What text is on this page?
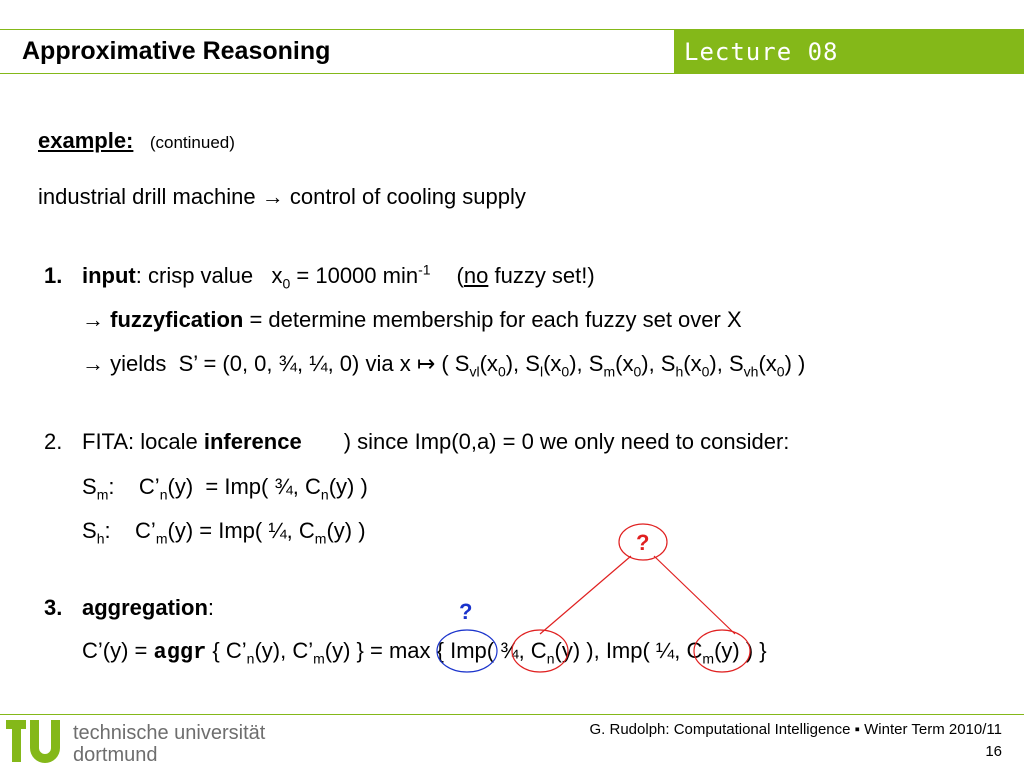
Approximative Reasoning	Lecture 08
example: (continued)
industrial drill machine → control of cooling supply
1. input: crisp value   $x_0 = 10000$ $\min^{-1} (no$ fuzzy set!)
→ fuzzyfication = determine membership for each fuzzy set over X
→ yields  S’ = (0, 0, ¾, ¼, 0) via x ↦ ( $S_{vl}(x_0)$, $S_l(x_0)$, $S_m(x_0)$, $S_h(x_0)$, $S_{vh}(x_0)$ )
2. FITA: locale inference ) since Imp(0,a) = 0 we only need to consider:
$S_m$:    $C’_n(y) = Imp$( ¾, $C_n(y)$ )
$S_h$:    $C’_m(y) = Imp$( ¼, $C_m(y)$ )
3. aggregation:
C’(y) = aggr { $C’_n(y)$, $C’_m(y)$ } = max { Imp( ¾, $C_n(y)$ ), Imp( ¼, $C_m(y)$ ) }
?
?
technische universität
dortmund
G. Rudolph: Computational Intelligence ▪ Winter Term 2010/11
16
